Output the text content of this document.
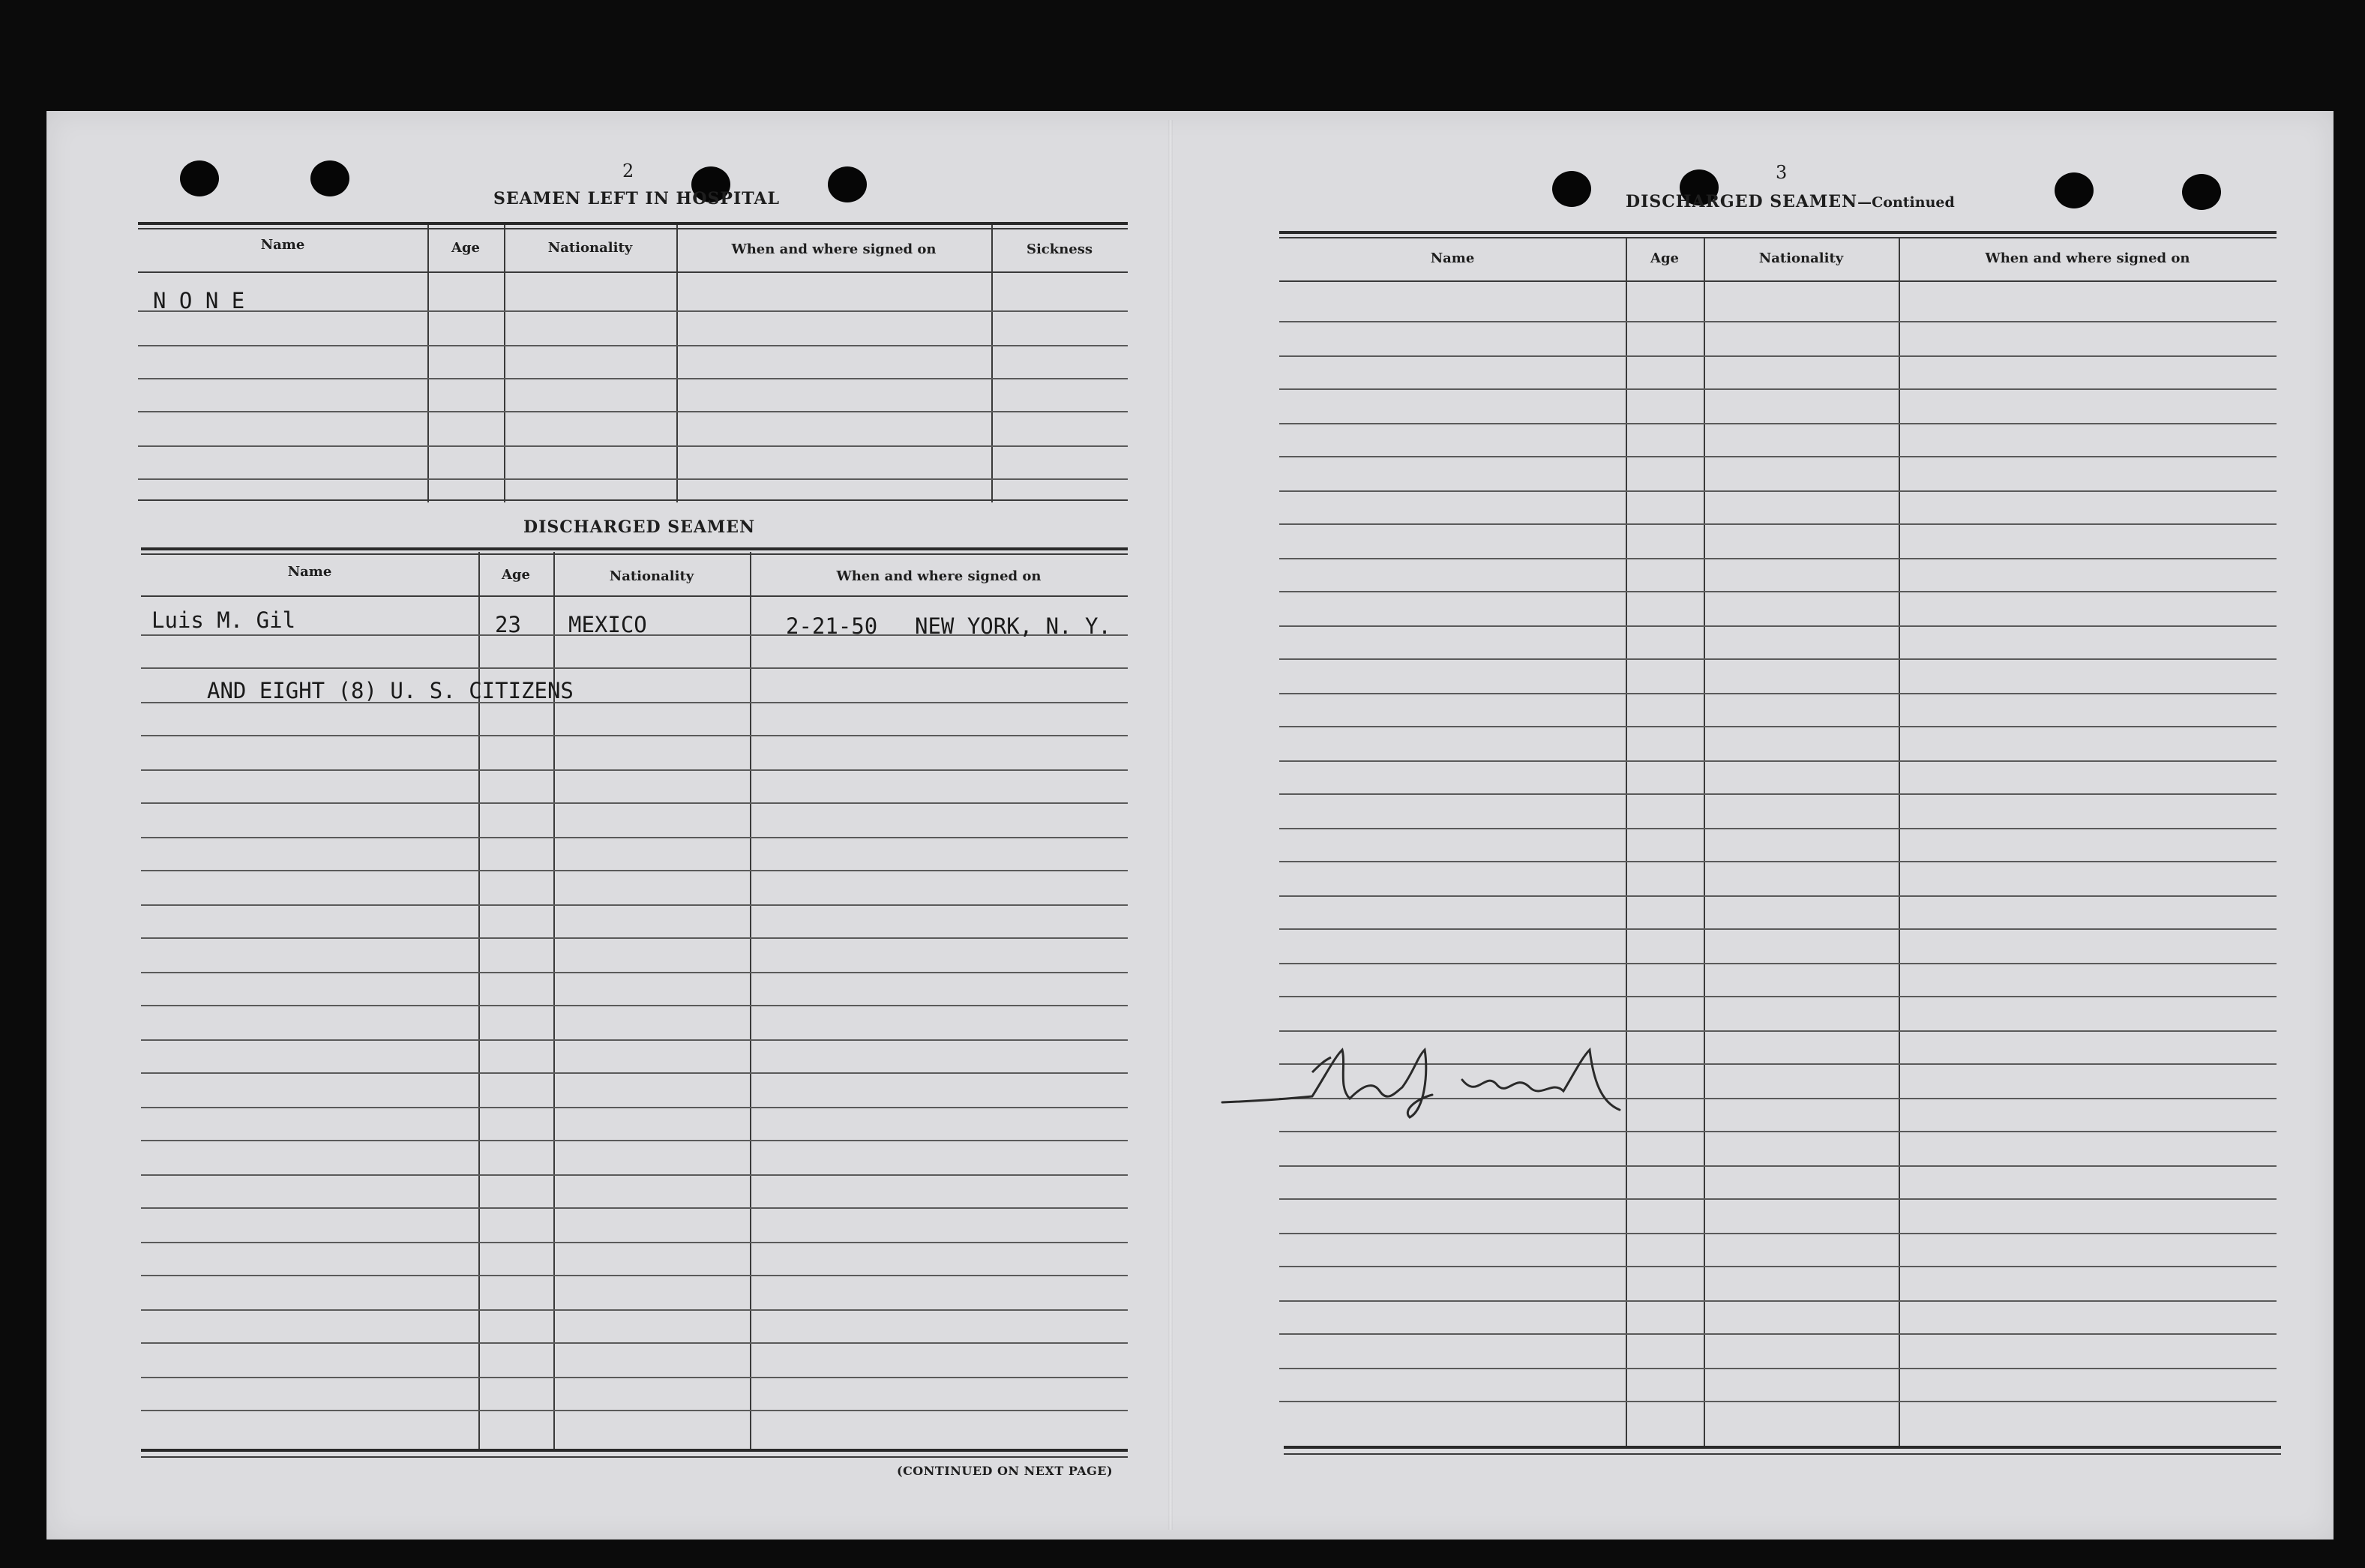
2
SEAMEN LEFT IN HOSPITAL
Name	Age	Nationality	When and where signed on	Sickness
N O N E
DISCHARGED SEAMEN
Name	Age	Nationality	When and where signed on
Luis M. Gil	23 MEXICO	2-21-50 NEW YORK, N. Y.
AND EIGHT (8) U. S. CITIZENS
(CONTINUED ON NEXT PAGE)
3
DISCHARGED SEAMEN—Continued
Name	Age	Nationality	When and where signed on
